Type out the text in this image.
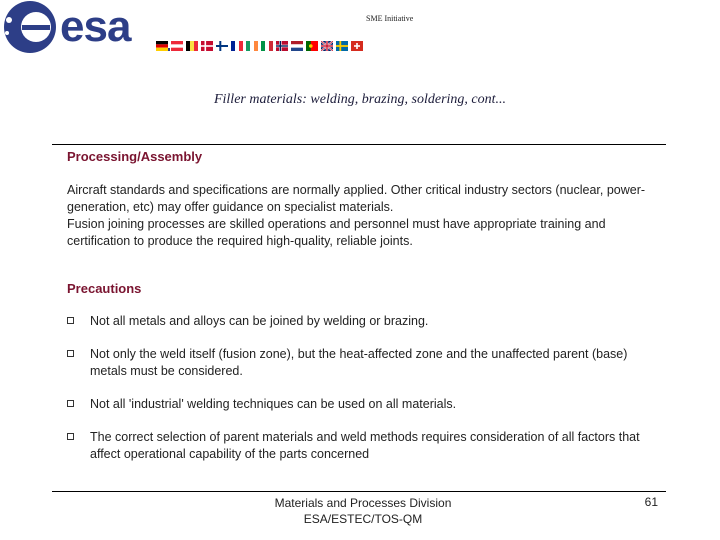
esa	SME Initiative
Filler materials: welding, brazing, soldering, cont...
Processing/Assembly

Aircraft standards and specifications are normally applied. Other critical industry sectors (nuclear, power-generation, etc) may offer guidance on specialist materials.

Fusion joining processes are skilled operations and personnel must have appropriate training and certification to produce the required high-quality, reliable joints.

Precautions
Not all metals and alloys can be joined by welding or brazing.
Not only the weld itself (fusion zone), but the heat-affected zone and the unaffected parent (base) metals must be considered.
Not all 'industrial' welding techniques can be used on all materials.
The correct selection of parent materials and weld methods requires consideration of all factors that affect operational capability of the parts concerned
Materials and Processes Division
ESA/ESTEC/TOS-QM
61
